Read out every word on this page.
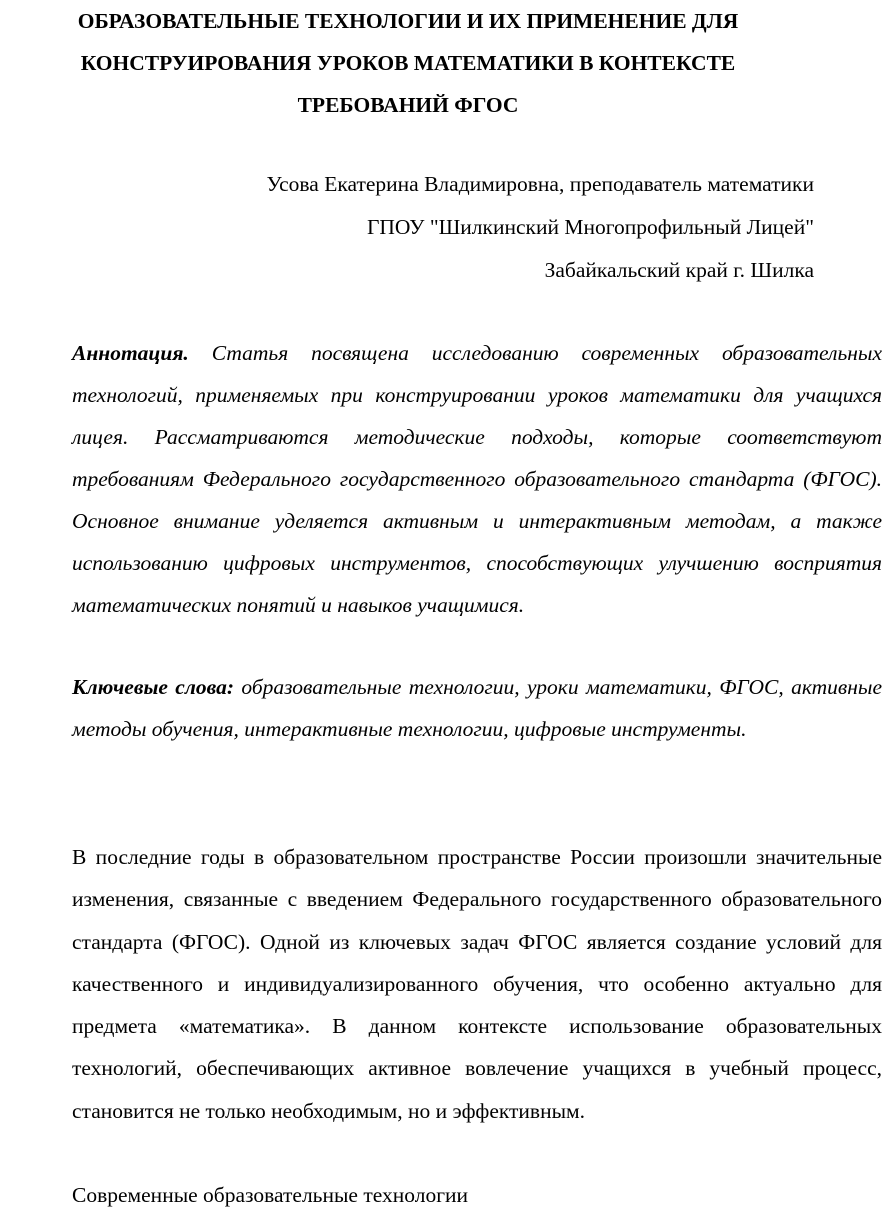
ОБРАЗОВАТЕЛЬНЫЕ ТЕХНОЛОГИИ И ИХ ПРИМЕНЕНИЕ ДЛЯ
КОНСТРУИРОВАНИЯ УРОКОВ МАТЕМАТИКИ В КОНТЕКСТЕ
ТРЕБОВАНИЙ ФГОС
Усова Екатерина Владимировна, преподаватель математики
ГПОУ "Шилкинский Многопрофильный Лицей"
Забайкальский край г. Шилка

Аннотация. Статья посвящена исследованию современных образовательных технологий, применяемых при конструировании уроков математики для учащихся лицея. Рассматриваются методические подходы, которые соответствуют требованиям Федерального государственного образовательного стандарта (ФГОС). Основное внимание уделяется активным и интерактивным методам, а также использованию цифровых инструментов, способствующих улучшению восприятия математических понятий и навыков учащимися.

Ключевые слова: образовательные технологии, уроки математики, ФГОС, активные методы обучения, интерактивные технологии, цифровые инструменты.

В последние годы в образовательном пространстве России произошли значительные изменения, связанные с введением Федерального государственного образовательного стандарта (ФГОС). Одной из ключевых задач ФГОС является создание условий для качественного и индивидуализированного обучения, что особенно актуально для предмета «математика». В данном контексте использование образовательных технологий, обеспечивающих активное вовлечение учащихся в учебный процесс, становится не только необходимым, но и эффективным.

Современные образовательные технологии
